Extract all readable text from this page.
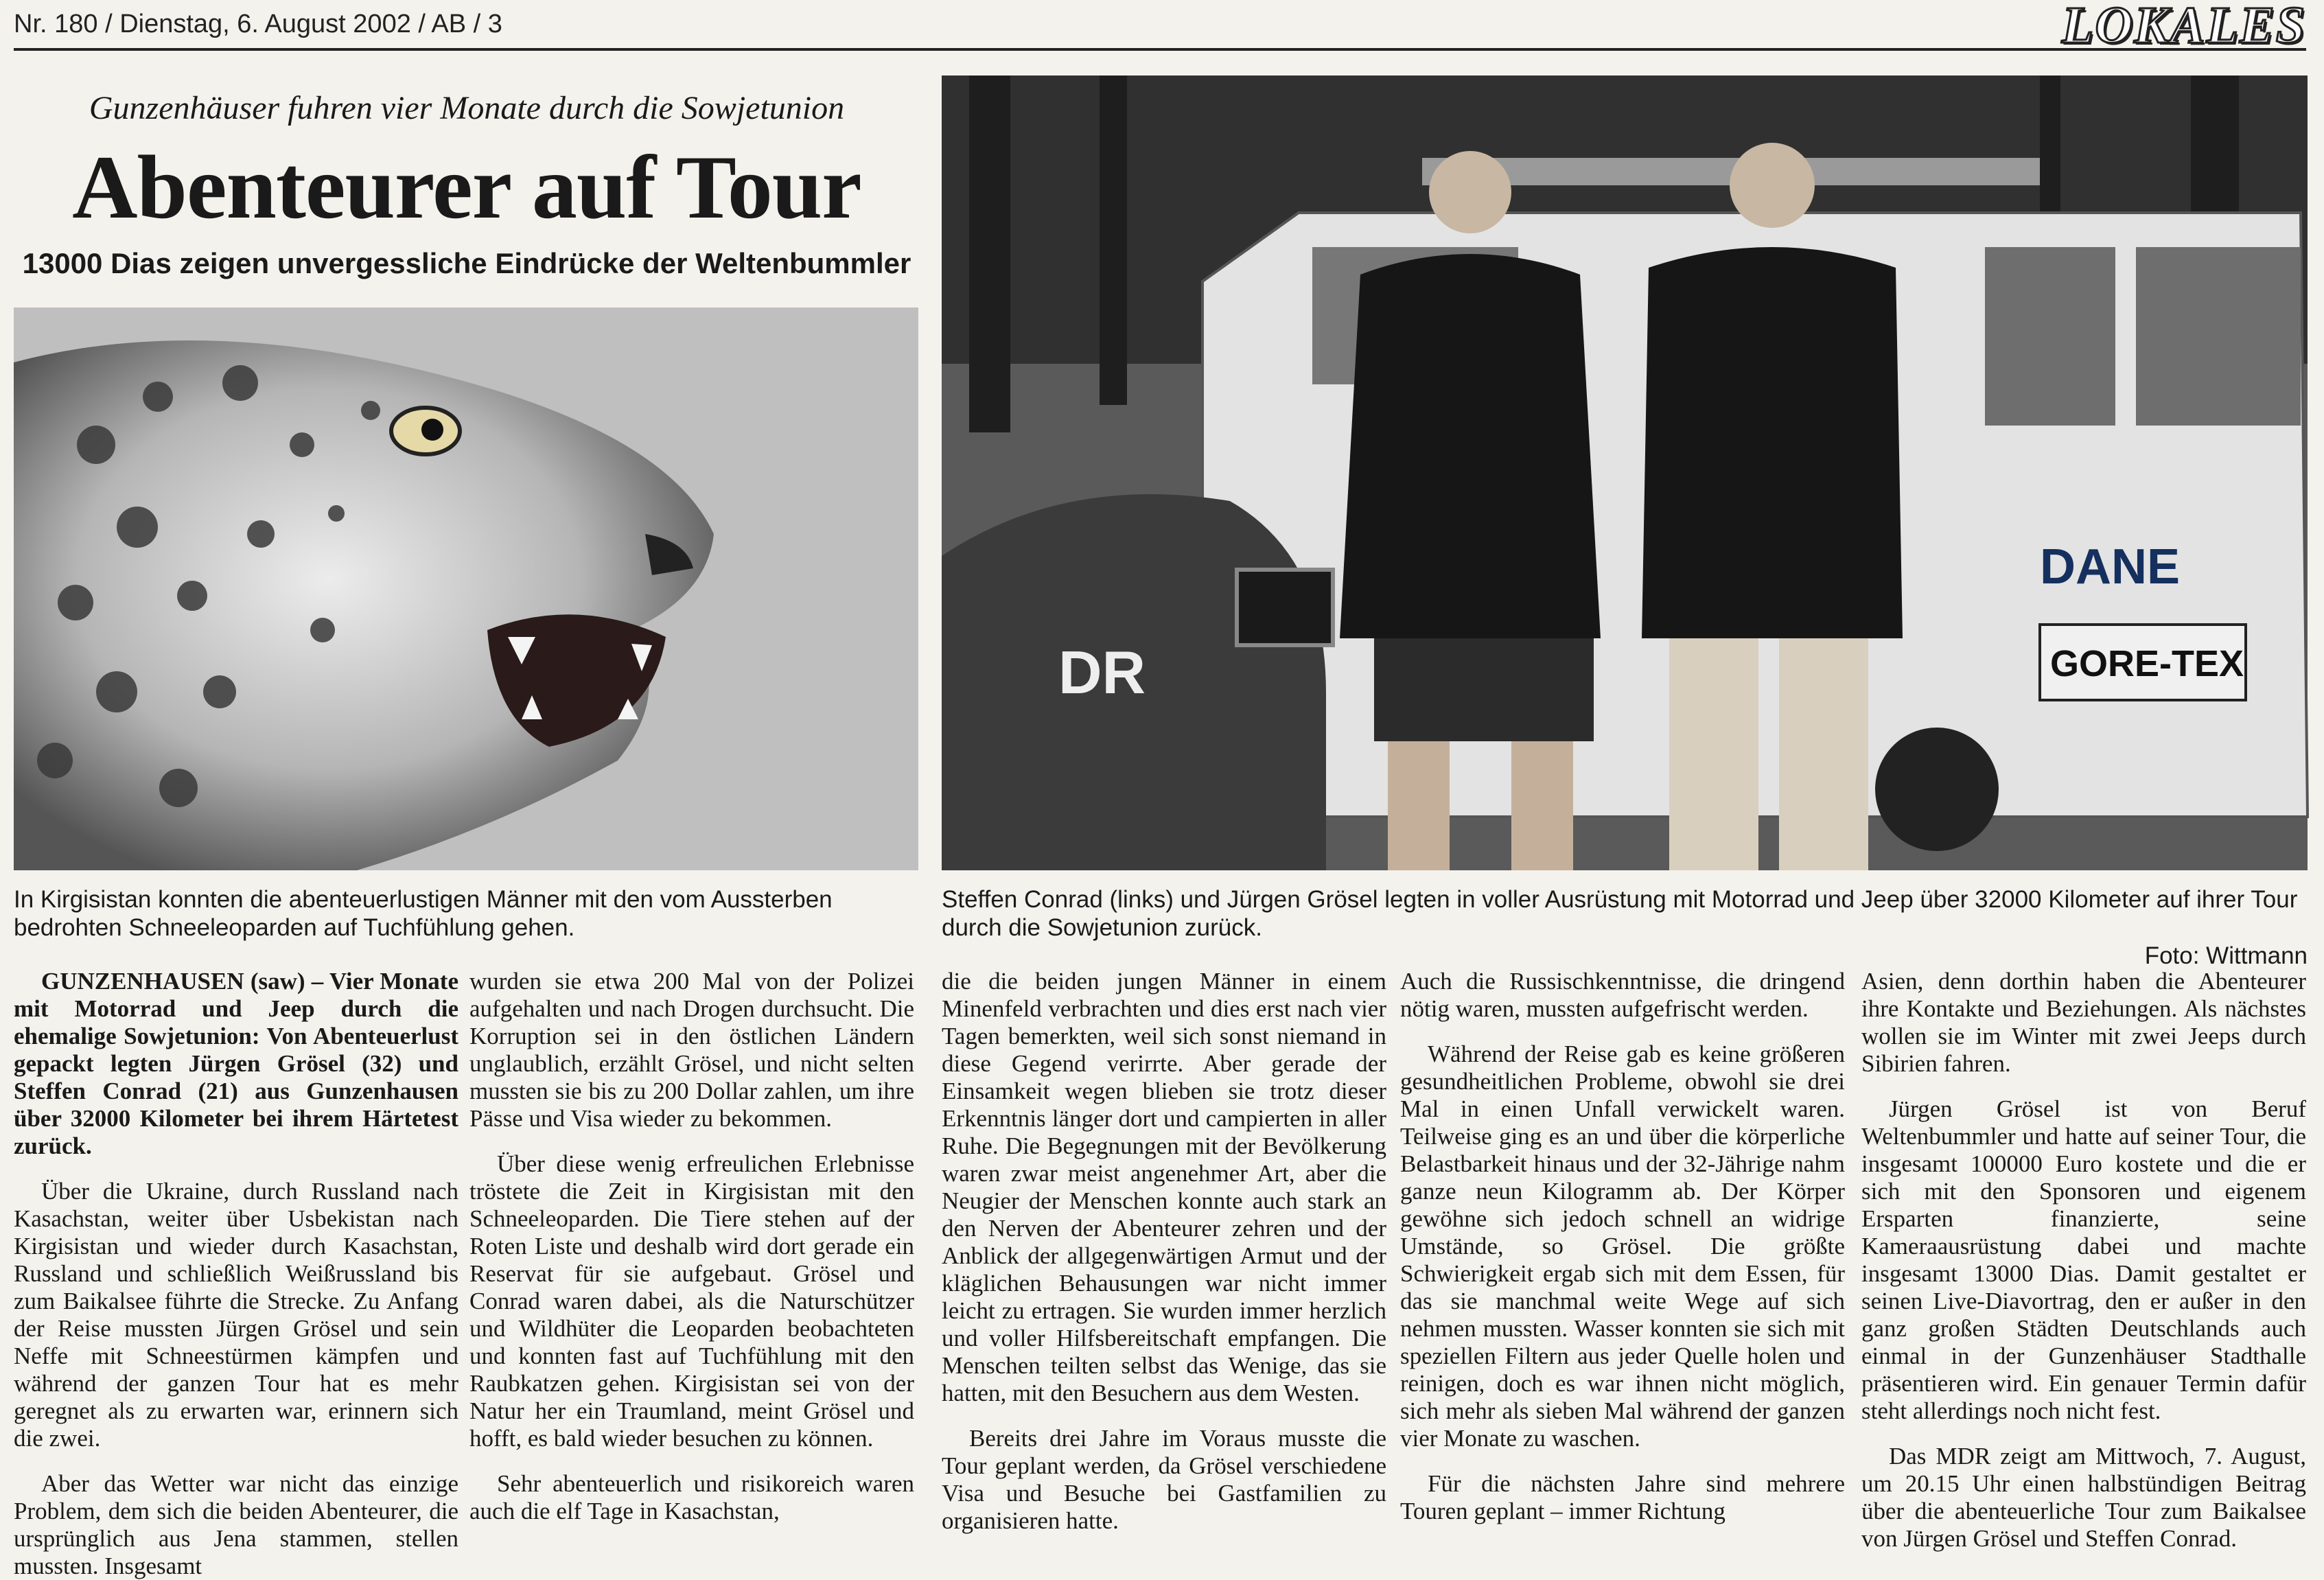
Nr. 180 / Dienstag, 6. August 2002 / AB / 3	LOKALES
Gunzenhäuser fuhren vier Monate durch die Sowjetunion
Abenteurer auf Tour
13000 Dias zeigen unvergessliche Eindrücke der Weltenbummler
DANE
GORE-TEX
DR
In Kirgisistan konnten die abenteuerlustigen Männer mit den vom Aussterben bedrohten Schneeleoparden auf Tuchfühlung gehen.
Steffen Conrad (links) und Jürgen Grösel legten in voller Ausrüstung mit Motorrad und Jeep über 32000 Kilometer auf ihrer Tour durch die Sowjetunion zurück.
Foto: Wittmann

GUNZENHAUSEN (saw) – Vier Monate mit Motorrad und Jeep durch die ehemalige Sowjetunion: Von Abenteuerlust gepackt legten Jürgen Grösel (32) und Steffen Conrad (21) aus Gunzenhausen über 32000 Kilometer bei ihrem Härtetest zurück.

Über die Ukraine, durch Russland nach Kasachstan, weiter über Usbekistan nach Kirgisistan und wieder durch Kasachstan, Russland und schließlich Weißrussland bis zum Baikalsee führte die Strecke. Zu Anfang der Reise mussten Jürgen Grösel und sein Neffe mit Schneestürmen kämpfen und während der ganzen Tour hat es mehr geregnet als zu erwarten war, erinnern sich die zwei.

Aber das Wetter war nicht das einzige Problem, dem sich die beiden Abenteurer, die ursprünglich aus Jena stammen, stellen mussten. Insgesamt

wurden sie etwa 200 Mal von der Polizei aufgehalten und nach Drogen durchsucht. Die Korruption sei in den östlichen Ländern unglaublich, erzählt Grösel, und nicht selten mussten sie bis zu 200 Dollar zahlen, um ihre Pässe und Visa wieder zu bekommen.

Über diese wenig erfreulichen Erlebnisse tröstete die Zeit in Kirgisistan mit den Schneeleoparden. Die Tiere stehen auf der Roten Liste und deshalb wird dort gerade ein Reservat für sie aufgebaut. Grösel und Conrad waren dabei, als die Naturschützer und Wildhüter die Leoparden beobachteten und konnten fast auf Tuchfühlung mit den Raubkatzen gehen. Kirgisistan sei von der Natur her ein Traumland, meint Grösel und hofft, es bald wieder besuchen zu können.

Sehr abenteuerlich und risikoreich waren auch die elf Tage in Kasachstan,

die die beiden jungen Männer in einem Minenfeld verbrachten und dies erst nach vier Tagen bemerkten, weil sich sonst niemand in diese Gegend verirrte. Aber gerade der Einsamkeit wegen blieben sie trotz dieser Erkenntnis länger dort und campierten in aller Ruhe. Die Begegnungen mit der Bevölkerung waren zwar meist angenehmer Art, aber die Neugier der Menschen konnte auch stark an den Nerven der Abenteurer zehren und der Anblick der allgegenwärtigen Armut und der kläglichen Behausungen war nicht immer leicht zu ertragen. Sie wurden immer herzlich und voller Hilfsbereitschaft empfangen. Die Menschen teilten selbst das Wenige, das sie hatten, mit den Besuchern aus dem Westen.

Bereits drei Jahre im Voraus musste die Tour geplant werden, da Grösel verschiedene Visa und Besuche bei Gastfamilien zu organisieren hatte.

Auch die Russischkenntnisse, die dringend nötig waren, mussten aufgefrischt werden.

Während der Reise gab es keine größeren gesundheitlichen Probleme, obwohl sie drei Mal in einen Unfall verwickelt waren. Teilweise ging es an und über die körperliche Belastbarkeit hinaus und der 32-Jährige nahm ganze neun Kilogramm ab. Der Körper gewöhne sich jedoch schnell an widrige Umstände, so Grösel. Die größte Schwierigkeit ergab sich mit dem Essen, für das sie manchmal weite Wege auf sich nehmen mussten. Wasser konnten sie sich mit speziellen Filtern aus jeder Quelle holen und reinigen, doch es war ihnen nicht möglich, sich mehr als sieben Mal während der ganzen vier Monate zu waschen.

Für die nächsten Jahre sind mehrere Touren geplant – immer Richtung

Asien, denn dorthin haben die Abenteurer ihre Kontakte und Beziehungen. Als nächstes wollen sie im Winter mit zwei Jeeps durch Sibirien fahren.

Jürgen Grösel ist von Beruf Weltenbummler und hatte auf seiner Tour, die insgesamt 100000 Euro kostete und die er sich mit den Sponsoren und eigenem Ersparten finanzierte, seine Kameraausrüstung dabei und machte insgesamt 13000 Dias. Damit gestaltet er seinen Live-Diavortrag, den er außer in den ganz großen Städten Deutschlands auch einmal in der Gunzenhäuser Stadthalle präsentieren wird. Ein genauer Termin dafür steht allerdings noch nicht fest.

Das MDR zeigt am Mittwoch, 7. August, um 20.15 Uhr einen halbstündigen Beitrag über die abenteuerliche Tour zum Baikalsee von Jürgen Grösel und Steffen Conrad.
